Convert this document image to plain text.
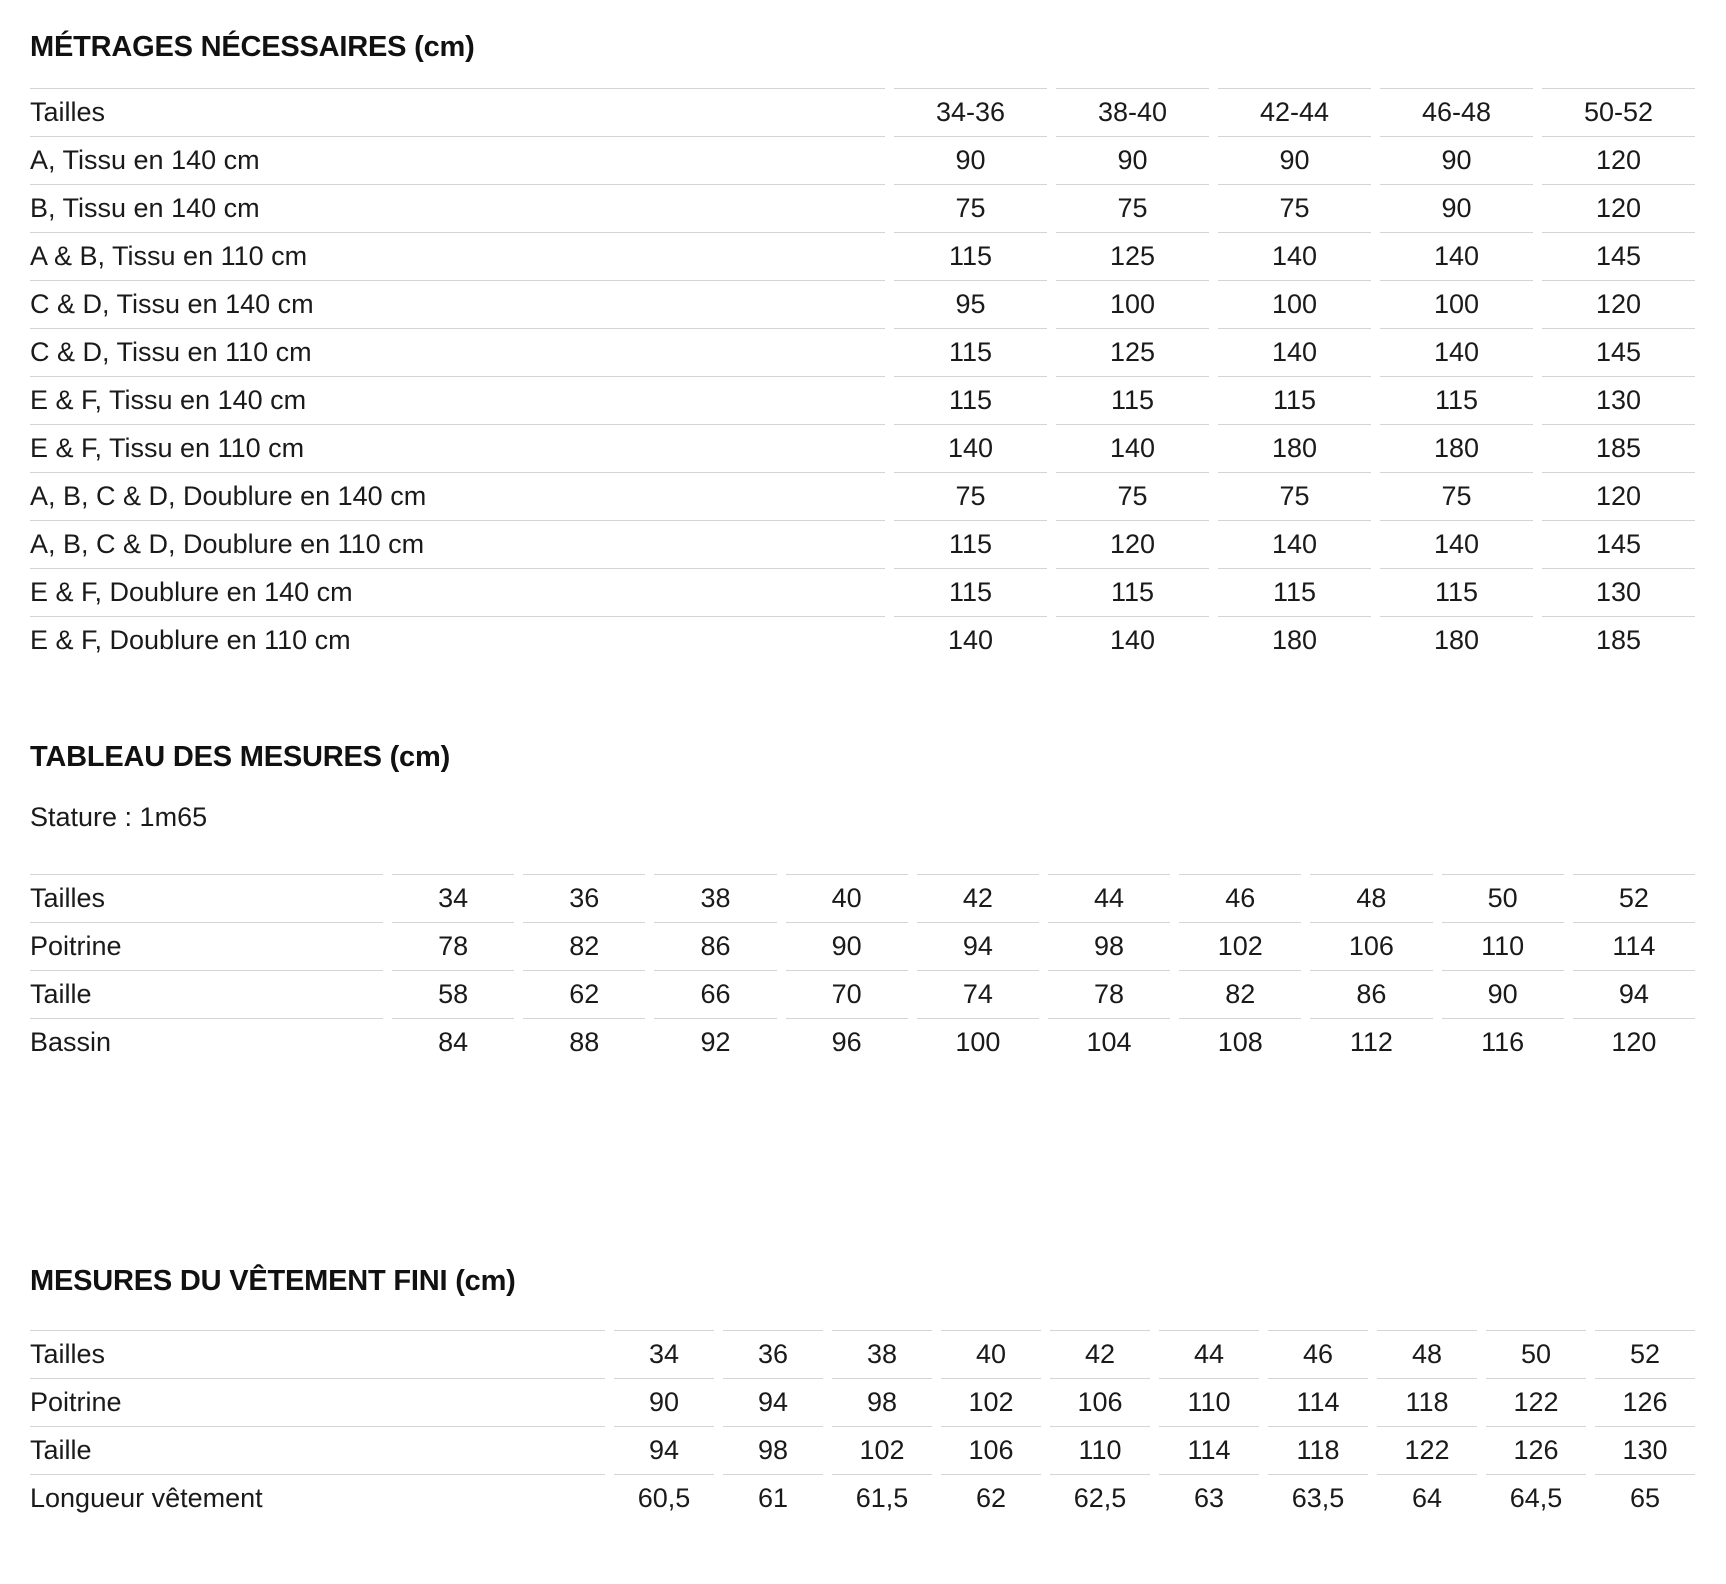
MÉTRAGES NÉCESSAIRES (cm)
Tailles	34-36	38-40	42-44	46-48	50-52
A, Tissu en 140 cm	90	90	90	90	120
B, Tissu en 140 cm	75	75	75	90	120
A & B, Tissu en 110 cm	115	125	140	140	145
C & D, Tissu en 140 cm	95	100	100	100	120
C & D, Tissu en 110 cm	115	125	140	140	145
E & F, Tissu en 140 cm	115	115	115	115	130
E & F, Tissu en 110 cm	140	140	180	180	185
A, B, C & D, Doublure en 140 cm	75	75	75	75	120
A, B, C & D, Doublure en 110 cm	115	120	140	140	145
E & F, Doublure en 140 cm	115	115	115	115	130
E & F, Doublure en 110 cm	140	140	180	180	185
TABLEAU DES MESURES (cm)

Stature : 1m65

Tailles	34	36	38	40	42	44	46	48	50	52
Poitrine	78	82	86	90	94	98	102	106	110	114
Taille	58	62	66	70	74	78	82	86	90	94
Bassin	84	88	92	96	100	104	108	112	116	120
MESURES DU VÊTEMENT FINI (cm)
Tailles	34	36	38	40	42	44	46	48	50	52
Poitrine	90	94	98	102	106	110	114	118	122	126
Taille	94	98	102	106	110	114	118	122	126	130
Longueur vêtement	60,5	61	61,5	62	62,5	63	63,5	64	64,5	65
